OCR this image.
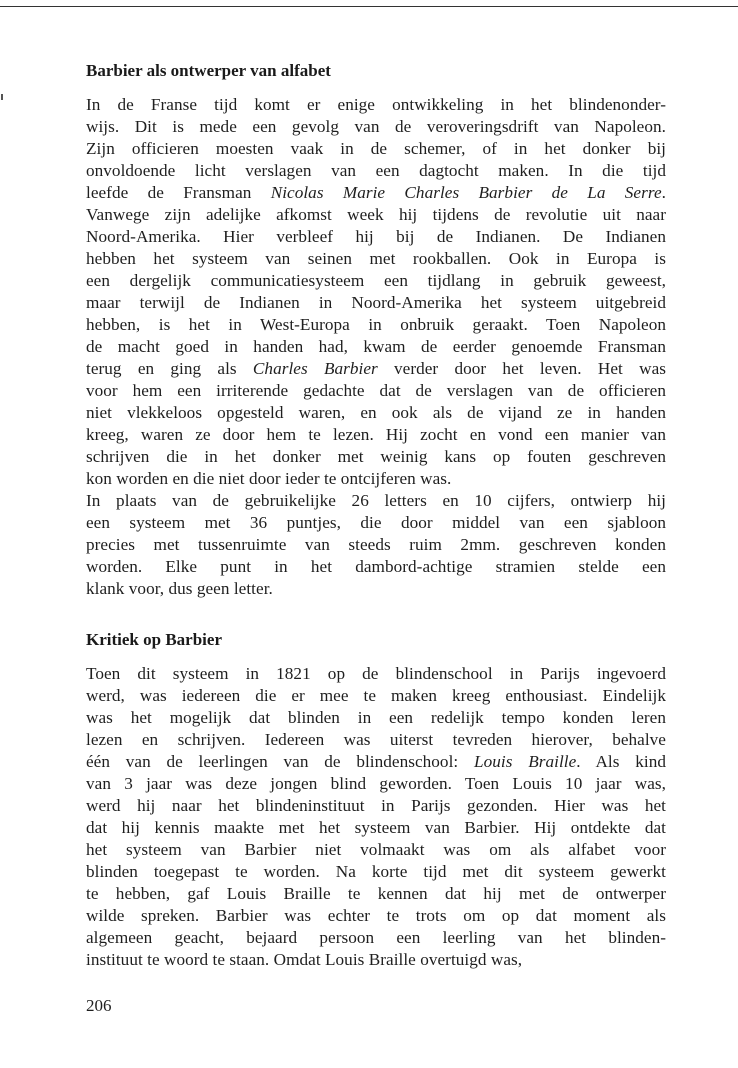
Barbier als ontwerper van alfabet
In de Franse tijd komt er enige ontwikkeling in het blindenonder-
wijs. Dit is mede een gevolg van de veroveringsdrift van Napoleon.
Zijn officieren moesten vaak in de schemer, of in het donker bij
onvoldoende licht verslagen van een dagtocht maken. In die tijd
leefde de Fransman Nicolas Marie Charles Barbier de La Serre.
Vanwege zijn adelijke afkomst week hij tijdens de revolutie uit naar
Noord-Amerika. Hier verbleef hij bij de Indianen. De Indianen
hebben het systeem van seinen met rookballen. Ook in Europa is
een dergelijk communicatiesysteem een tijdlang in gebruik geweest,
maar terwijl de Indianen in Noord-Amerika het systeem uitgebreid
hebben, is het in West-Europa in onbruik geraakt. Toen Napoleon
de macht goed in handen had, kwam de eerder genoemde Fransman
terug en ging als Charles Barbier verder door het leven. Het was
voor hem een irriterende gedachte dat de verslagen van de officieren
niet vlekkeloos opgesteld waren, en ook als de vijand ze in handen
kreeg, waren ze door hem te lezen. Hij zocht en vond een manier van
schrijven die in het donker met weinig kans op fouten geschreven
kon worden en die niet door ieder te ontcijferen was.
In plaats van de gebruikelijke 26 letters en 10 cijfers, ontwierp hij
een systeem met 36 puntjes, die door middel van een sjabloon
precies met tussenruimte van steeds ruim 2mm. geschreven konden
worden. Elke punt in het dambord-achtige stramien stelde een
klank voor, dus geen letter.
Kritiek op Barbier
Toen dit systeem in 1821 op de blindenschool in Parijs ingevoerd
werd, was iedereen die er mee te maken kreeg enthousiast. Eindelijk
was het mogelijk dat blinden in een redelijk tempo konden leren
lezen en schrijven. Iedereen was uiterst tevreden hierover, behalve
één van de leerlingen van de blindenschool: Louis Braille. Als kind
van 3 jaar was deze jongen blind geworden. Toen Louis 10 jaar was,
werd hij naar het blindeninstituut in Parijs gezonden. Hier was het
dat hij kennis maakte met het systeem van Barbier. Hij ontdekte dat
het systeem van Barbier niet volmaakt was om als alfabet voor
blinden toegepast te worden. Na korte tijd met dit systeem gewerkt
te hebben, gaf Louis Braille te kennen dat hij met de ontwerper
wilde spreken. Barbier was echter te trots om op dat moment als
algemeen geacht, bejaard persoon een leerling van het blinden-
instituut te woord te staan. Omdat Louis Braille overtuigd was,
206
